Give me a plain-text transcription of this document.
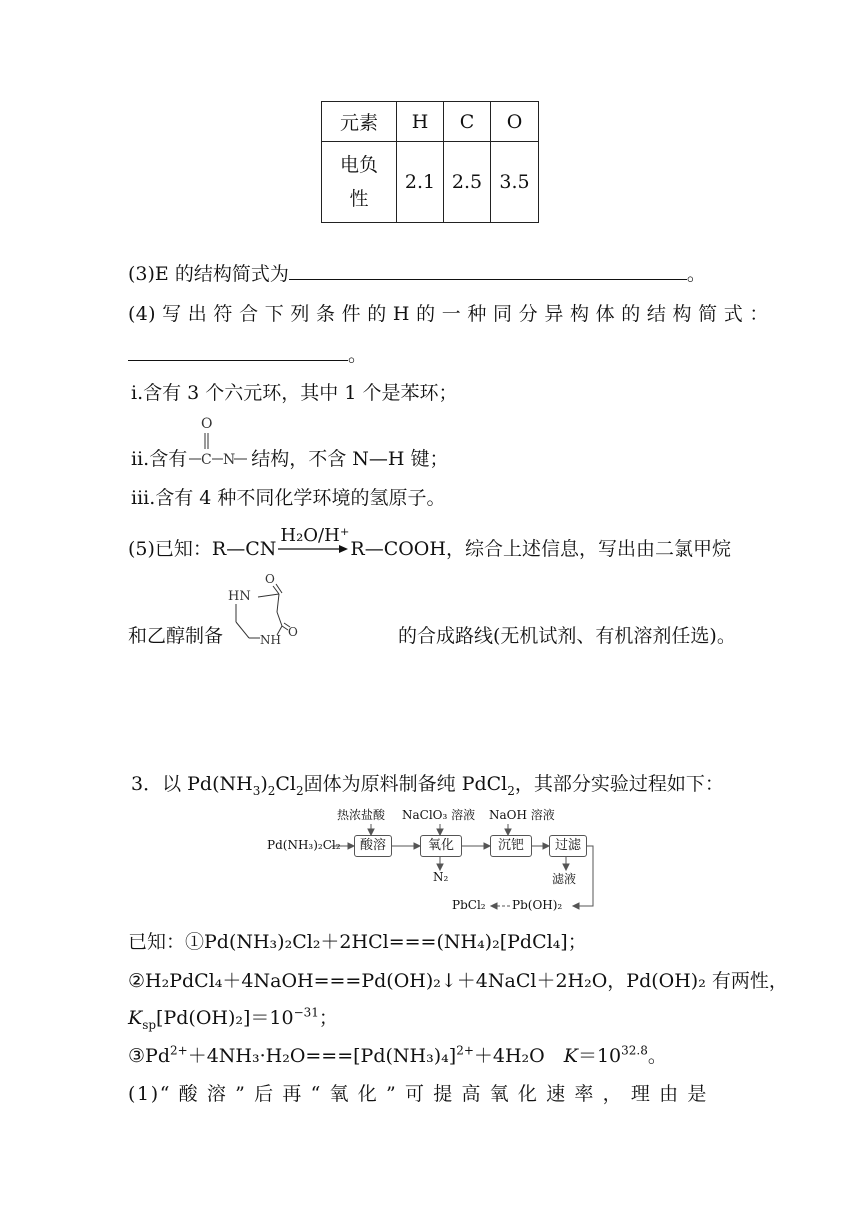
元素	H	C	O
电负
性	2.1	2.5	3.5
(3)E 的结构简式为	。
(4) 写 出 符 合 下 列 条 件 的 H 的 一 种 同 分 异 构 体 的 结 构 简 式 ：
。
ⅰ.含有 3 个六元环，其中 1 个是苯环；
ⅱ.含有
O
C N 结构，不含 N—H 键；
ⅲ.含有 4 种不同化学环境的氢原子。
(5)已知：R—CN
H₂O/H⁺
R—COOH，综合上述信息，写出由二氯甲烷
HN
NH
O
O
和乙醇制备	的合成路线(无机试剂、有机溶剂任选)。
3．以 $Pd(NH_3)_2Cl_2$固体为原料制备纯 PdCl$_2$，其部分实验过程如下：
热浓盐酸 NaClO₃ 溶液 NaOH 溶液
Pd(NH₃)₂Cl₂	酸溶	氧化	沉钯	过滤
N₂	滤液
PbCl₂ Pb(OH)₂
已知：①Pd(NH₃)₂Cl₂＋2HCl===(NH₄)₂[PdCl₄]；
②H₂PdCl₄＋4NaOH===Pd(OH)₂↓＋4NaCl＋2H₂O，Pd(OH)₂ 有两性，
$K_{sp}[Pd(OH)_2]=10^{-31}$；
$③Pd^{2+}+4NH_3\cdot H_2O===[Pd(NH_3)_4]^{2+}+4H_2O$　$K=10^{32.8}$。
(1)“ 酸 溶 ” 后 再 “ 氧 化 ” 可 提 高 氧 化 速 率 ， 理 由 是
